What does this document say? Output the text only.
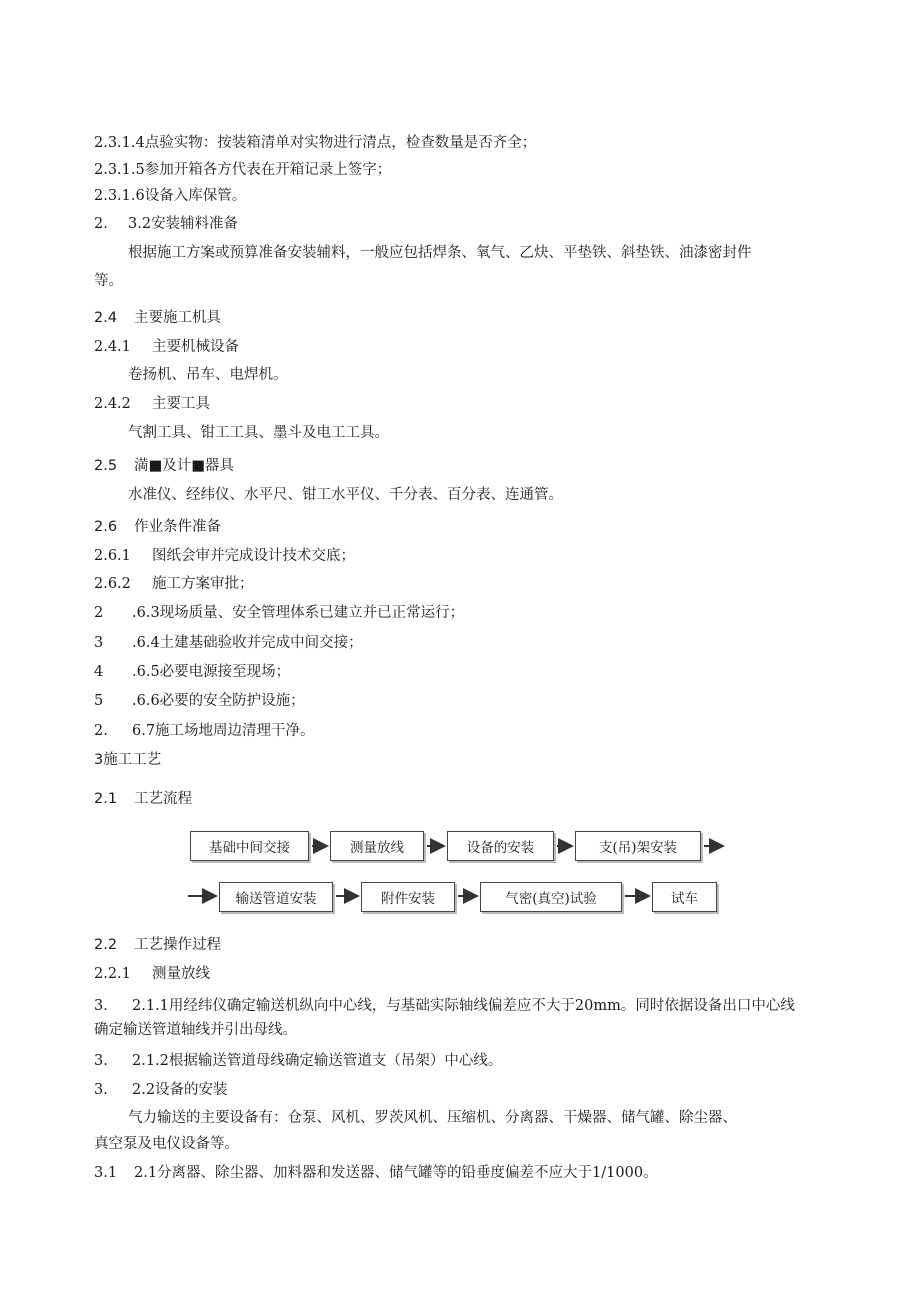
2.3.1.4点验实物：按装箱清单对实物进行清点，检查数量是否齐全；
2.3.1.5参加开箱各方代表在开箱记录上签字；
2.3.1.6设备入库保管。
2. 3.2安装辅料准备
根据施工方案或预算准备安装辅料，一般应包括焊条、氧气、乙炔、平垫铁、斜垫铁、油漆密封件
等。
2.4 主要施工机具
2.4.1 主要机械设备
卷扬机、吊车、电焊机。
2.4.2 主要工具
气割工具、钳工工具、墨斗及电工工具。
2.5 満■及计■器具
水准仪、经纬仪、水平尺、钳工水平仪、千分表、百分表、连通管。
2.6 作业条件准备
2.6.1 图纸会审并完成设计技术交底；
2.6.2 施工方案审批；
2 .6.3现场质量、安全管理体系已建立并已正常运行；
3 .6.4土建基础验收并完成中间交接；
4 .6.5必要电源接至现场；
5 .6.6必要的安全防护设施；
2. 6.7施工场地周边清理干净。
3施工工艺
2.1 工艺流程
基础中间交接	测量放线	设备的安装	支(吊)架安装
输送管道安装	附件安装	气密(真空)试验	试车
2.2 工艺操作过程
2.2.1 测量放线
3. 2.1.1用经纬仪确定输送机纵向中心线，与基础实际轴线偏差应不大于20mm。同时依据设备出口中心线
确定输送管道轴线并引出母线。
3. 2.1.2根据输送管道母线确定输送管道支（吊架）中心线。
3. 2.2设备的安装
气力输送的主要设备有：仓泵、风机、罗茨风机、压缩机、分离器、干燥器、储气罐、除尘器、
真空泵及电仪设备等。
3.1 2.1分离器、除尘器、加料器和发送器、储气罐等的铅垂度偏差不应大于1/1000。
